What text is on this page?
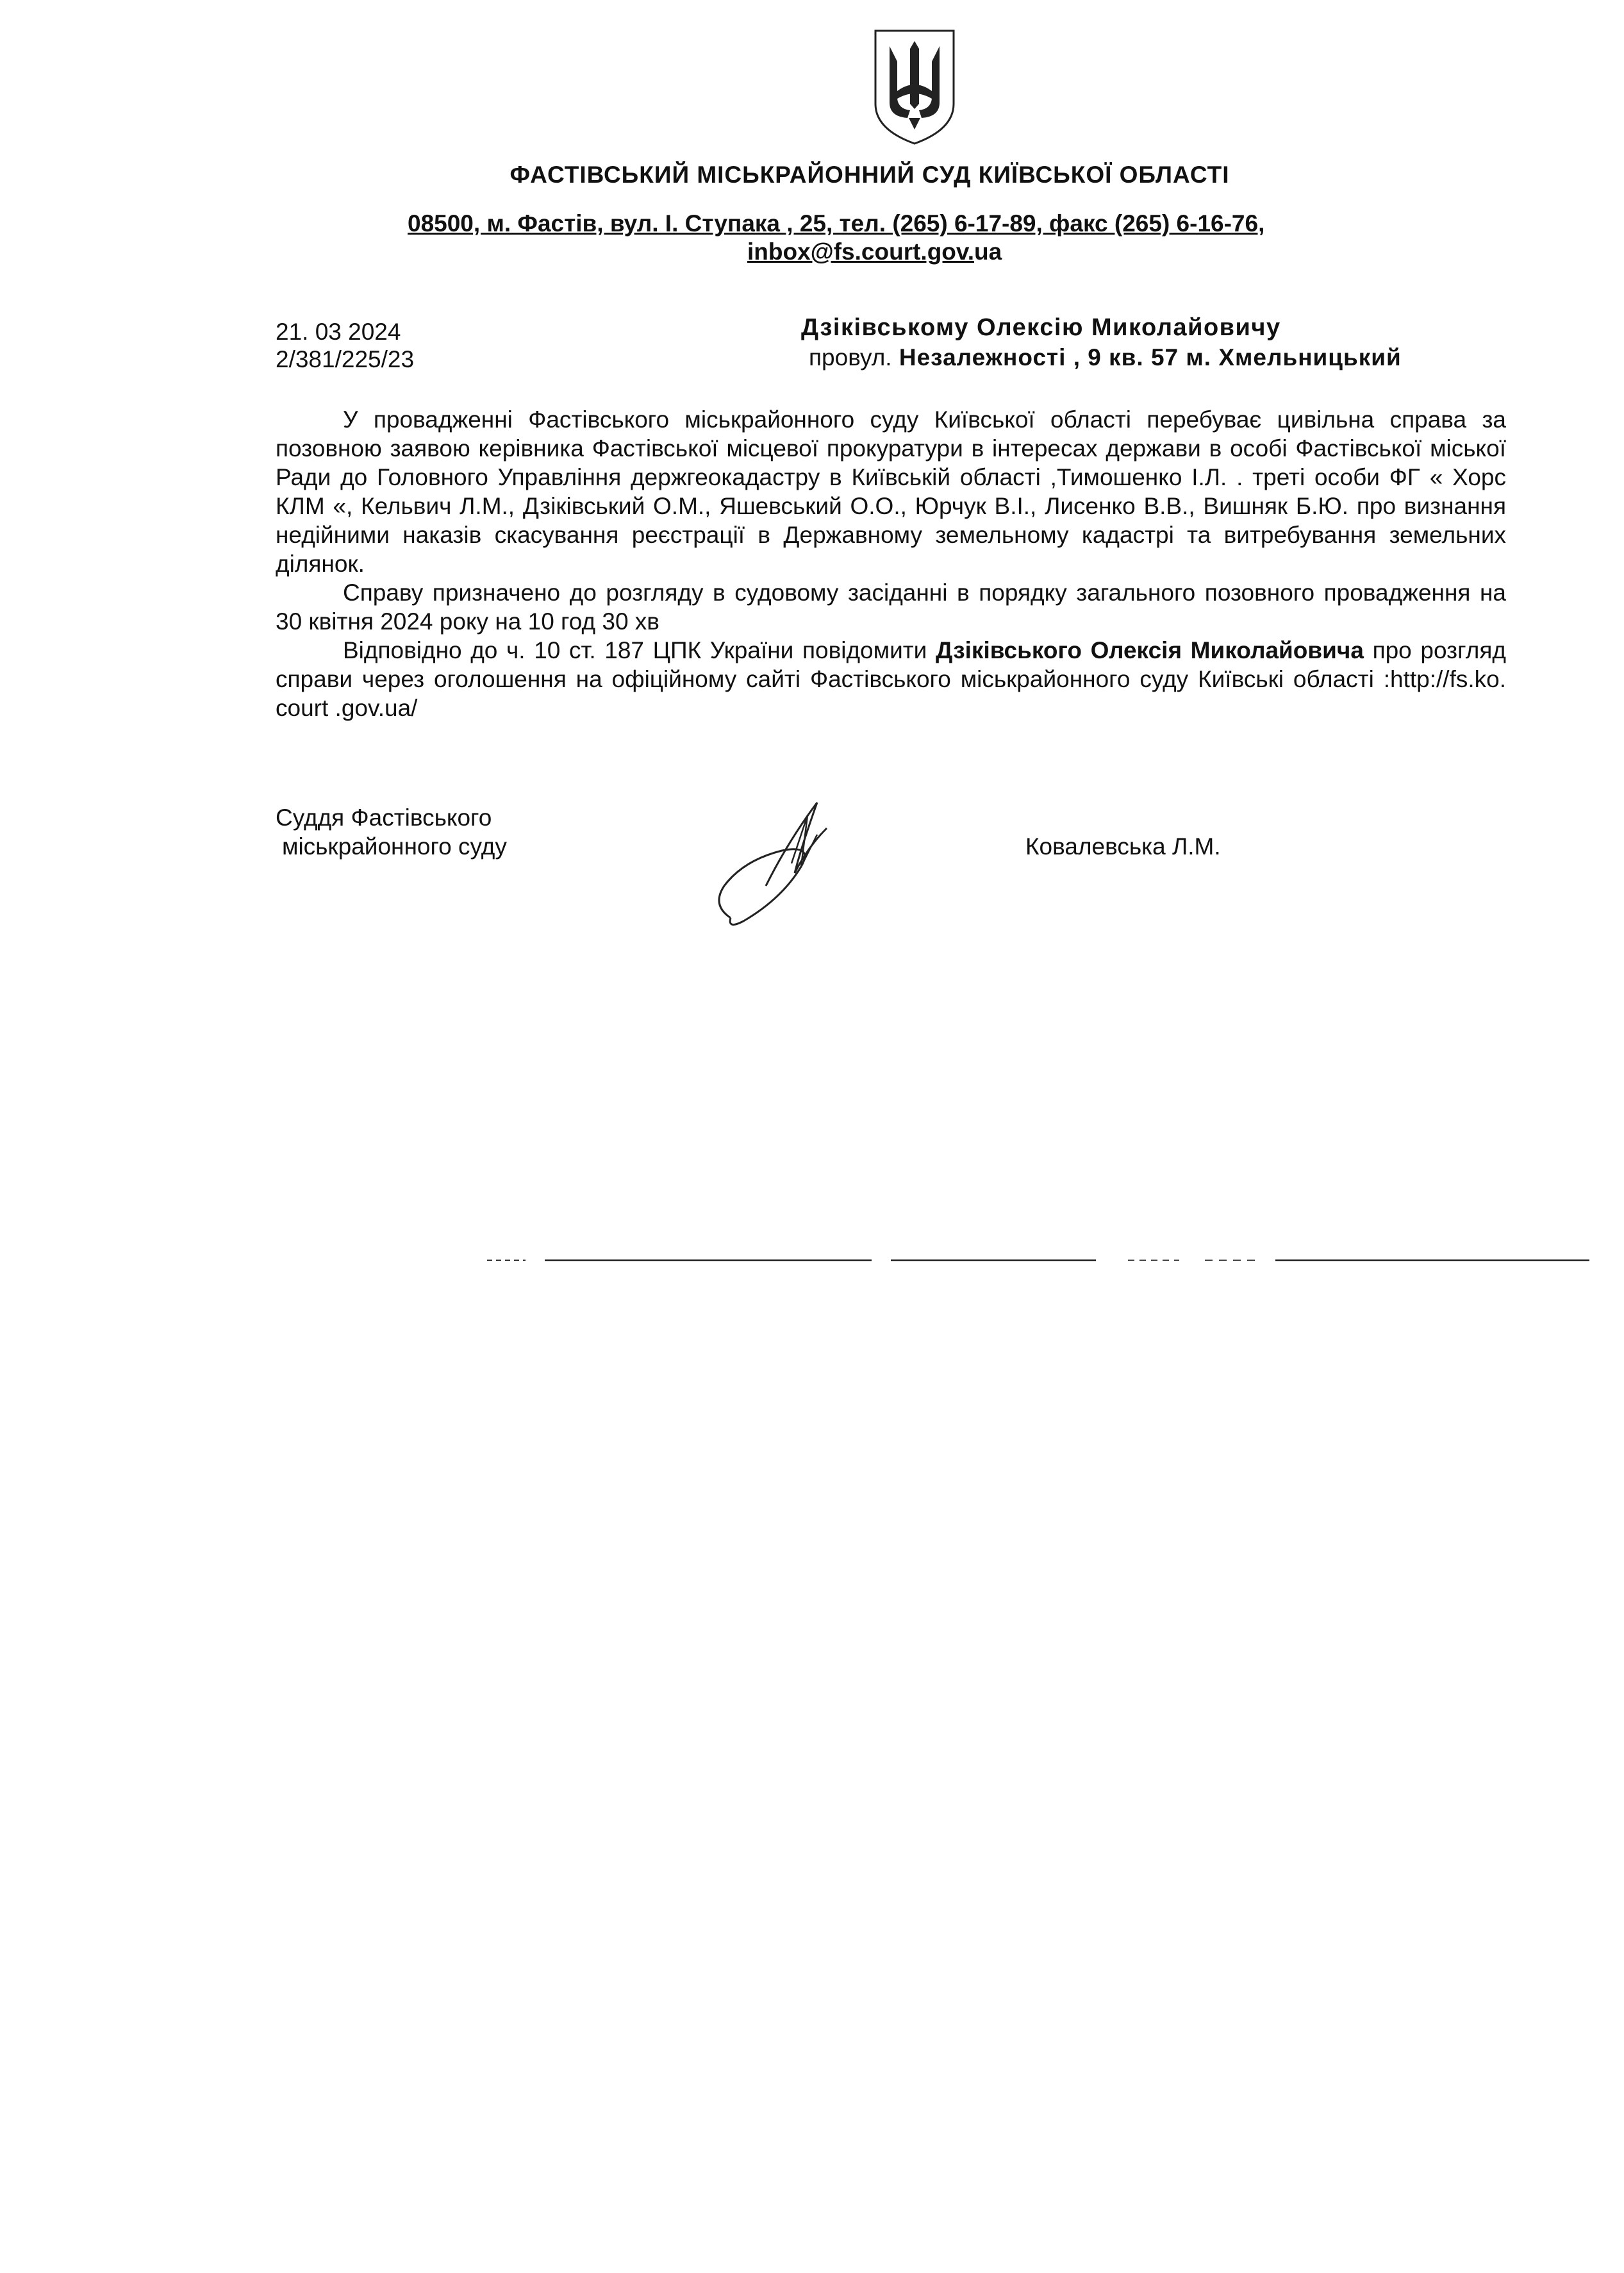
ФАСТІВСЬКИЙ МІСЬКРАЙОННИЙ СУД КИЇВСЬКОЇ ОБЛАСТІ
08500, м. Фастів, вул. І. Ступака , 25, тел. (265) 6-17-89, факс (265) 6-16-76,
inbox@fs.court.gov.ua
21. 03 2024
2/381/225/23
Дзіківському Олексію Миколайовичу
провул. Незалежності , 9 кв. 57 м. Хмельницький

У провадженні Фастівського міськрайонного суду Київської області перебуває цивільна справа за позовною заявою керівника Фастівської місцевої прокуратури в інтересах держави в особі Фастівської міської Ради до Головного Управління держгеокадастру в Київській області ,Тимошенко І.Л. . треті особи ФГ « Хорс КЛМ «, Кельвич Л.М., Дзіківський О.М., Яшевський О.О., Юрчук В.І., Лисенко В.В., Вишняк Б.Ю. про визнання недійними наказів скасування реєстрації в Державному земельному кадастрі та витребування земельних ділянок.

Справу призначено до розгляду в судовому засіданні в порядку загального позовного провадження на 30 квітня 2024 року на 10 год 30 хв

Відповідно до ч. 10 ст. 187 ЦПК України повідомити Дзіківського Олексія Миколайовича про розгляд справи через оголошення на офіційному сайті Фастівського міськрайонного суду Київські області :http://fs.ko. court .gov.ua/

Суддя Фастівського
міськрайонного суду	Ковалевська Л.М.
